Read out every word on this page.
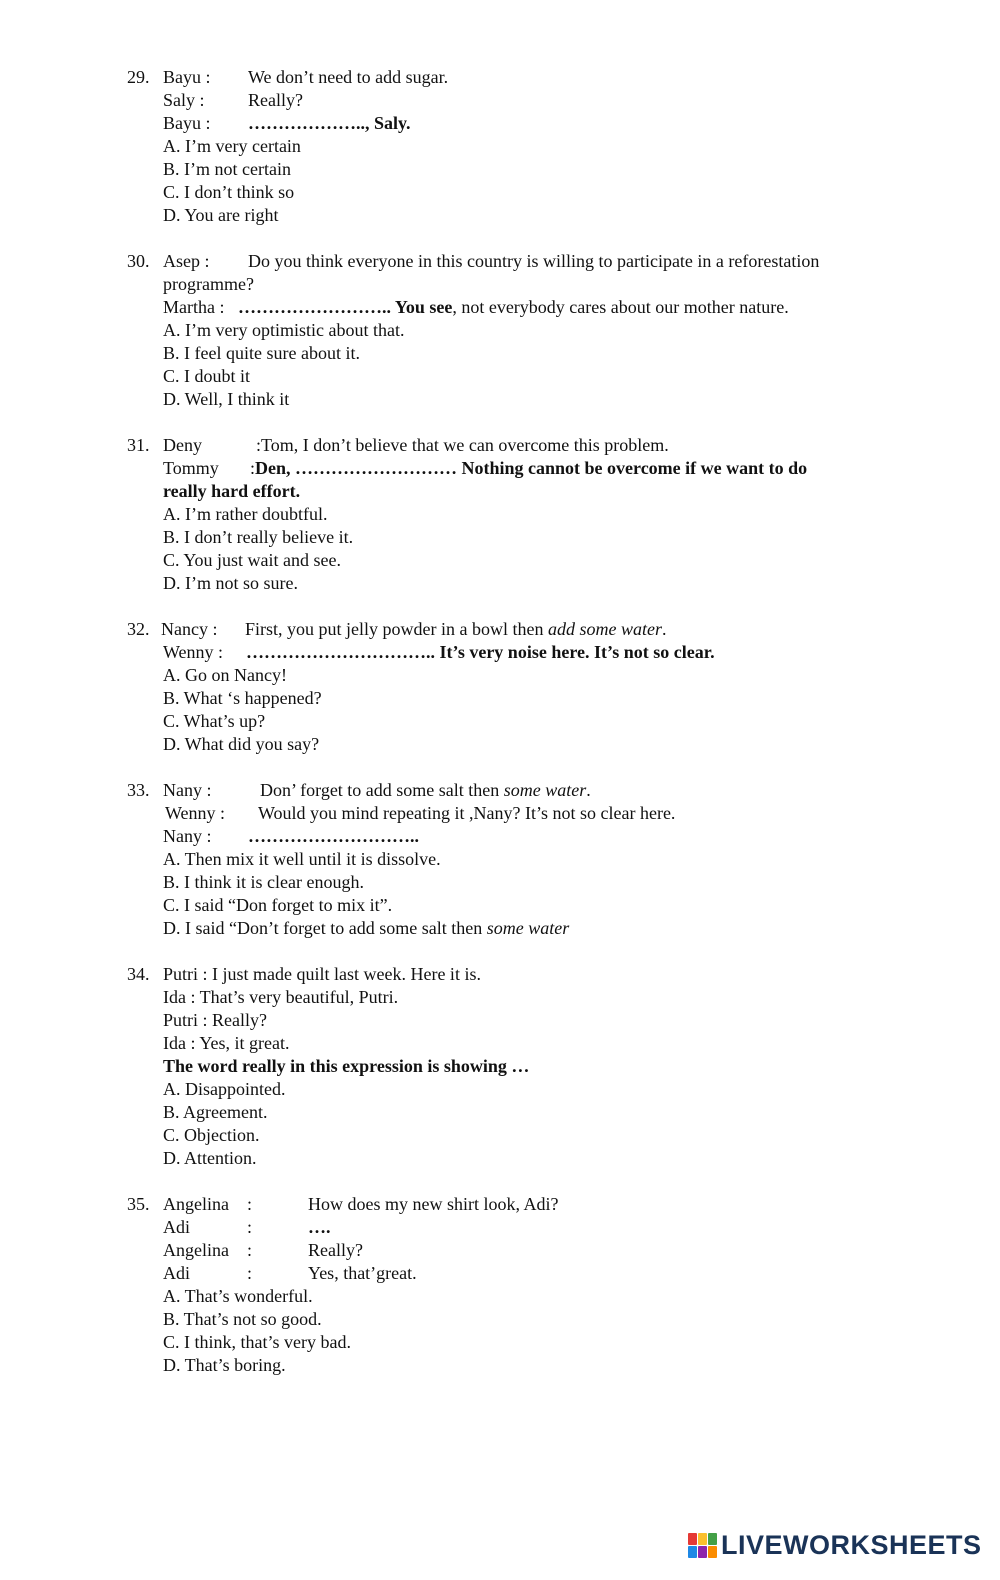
29. Bayu : We don’t need to add sugar.
Saly : Really?
Bayu : ……………….., Saly.
A. I’m very certain
B. I’m not certain
C. I don’t think so
D. You are right
30. Asep : Do you think everyone in this country is willing to participate in a reforestation
programme?
Martha : …………………….. You see, not everybody cares about our mother nature.
A. I’m very optimistic about that.
B. I feel quite sure about it.
C. I doubt it
D. Well, I think it
31. Deny	:Tom, I don’t believe that we can overcome this problem.
Tommy :Den, ……………………… Nothing cannot be overcome if we want to do
really hard effort.
A. I’m rather doubtful.
B. I don’t really believe it.
C. You just wait and see.
D. I’m not so sure.
32. Nancy : First, you put jelly powder in a bowl then add some water.
Wenny : ………………………….. It’s very noise here. It’s not so clear.
A. Go on Nancy!
B. What ‘s happened?
C. What’s up?
D. What did you say?
33. Nany :	Don’ forget to add some salt then some water.
Wenny : Would you mind repeating it ,Nany? It’s not so clear here.
Nany : ………………………..
A. Then mix it well until it is dissolve.
B. I think it is clear enough.
C. I said “Don forget to mix it”.
D. I said “Don’t forget to add some salt then some water
34. Putri : I just made quilt last week. Here it is.
Ida : That’s very beautiful, Putri.
Putri : Really?
Ida : Yes, it great.
The word really in this expression is showing …
A. Disappointed.
B. Agreement.
C. Objection.
D. Attention.
35. Angelina :	How does my new shirt look, Adi?
Adi	:	….
Angelina :	Really?
Adi	:	Yes, that’great.
A. That’s wonderful.
B. That’s not so good.
C. I think, that’s very bad.
D. That’s boring.
LIVEWORKSHEETS
